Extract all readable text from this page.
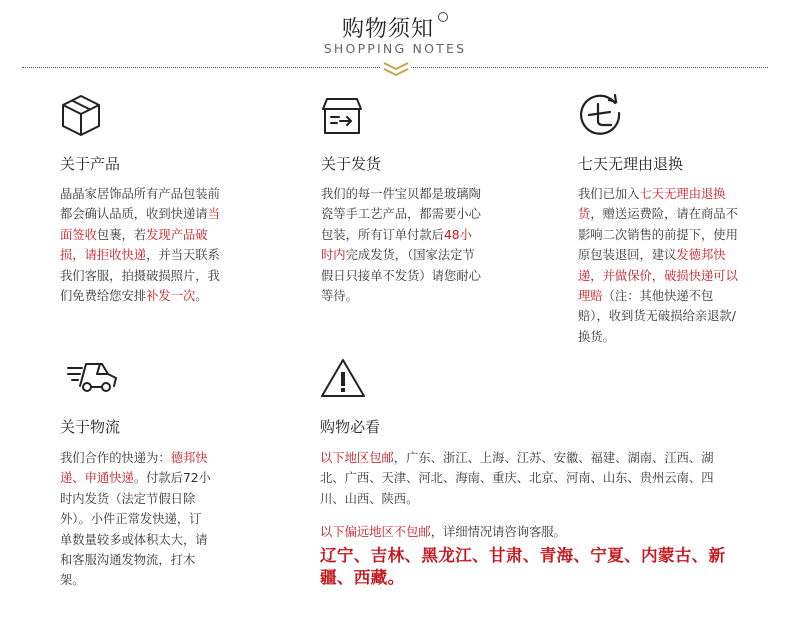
购物须知
SHOPPING NOTES
关于产品
晶晶家居饰品所有产品包装前都会确认品质，收到快递请当面签收包裹，若发现产品破损，请拒收快递，并当天联系我们客服，拍摄破损照片，我们免费给您安排补发一次。
关于发货
我们的每一件宝贝都是玻璃陶瓷等手工艺产品，都需要小心包装，所有订单付款后48小时内完成发货，（国家法定节假日只接单不发货）请您耐心等待。
七天无理由退换
我们已加入七天无理由退换货，赠送运费险，请在商品不影响二次销售的前提下，使用原包装退回，建议发德邦快递，并做保价，破损快递可以理赔（注：其他快递不包赔），收到货无破损给亲退款/换货。
关于物流
我们合作的快递为：德邦快递、申通快递。付款后72小时内发货（法定节假日除外）。小件正常发快递，订单数量较多或体积太大，请和客服沟通发物流，打木架。
购物必看
以下地区包邮，广东、浙江、上海、江苏、安徽、福建、湖南、江西、湖北、广西、天津、河北、海南、重庆、北京、河南、山东、贵州云南、四川、山西、陕西。
以下偏远地区不包邮，详细情况请咨询客服。
辽宁、吉林、黑龙江、甘肃、青海、宁夏、内蒙古、新疆、西藏。
